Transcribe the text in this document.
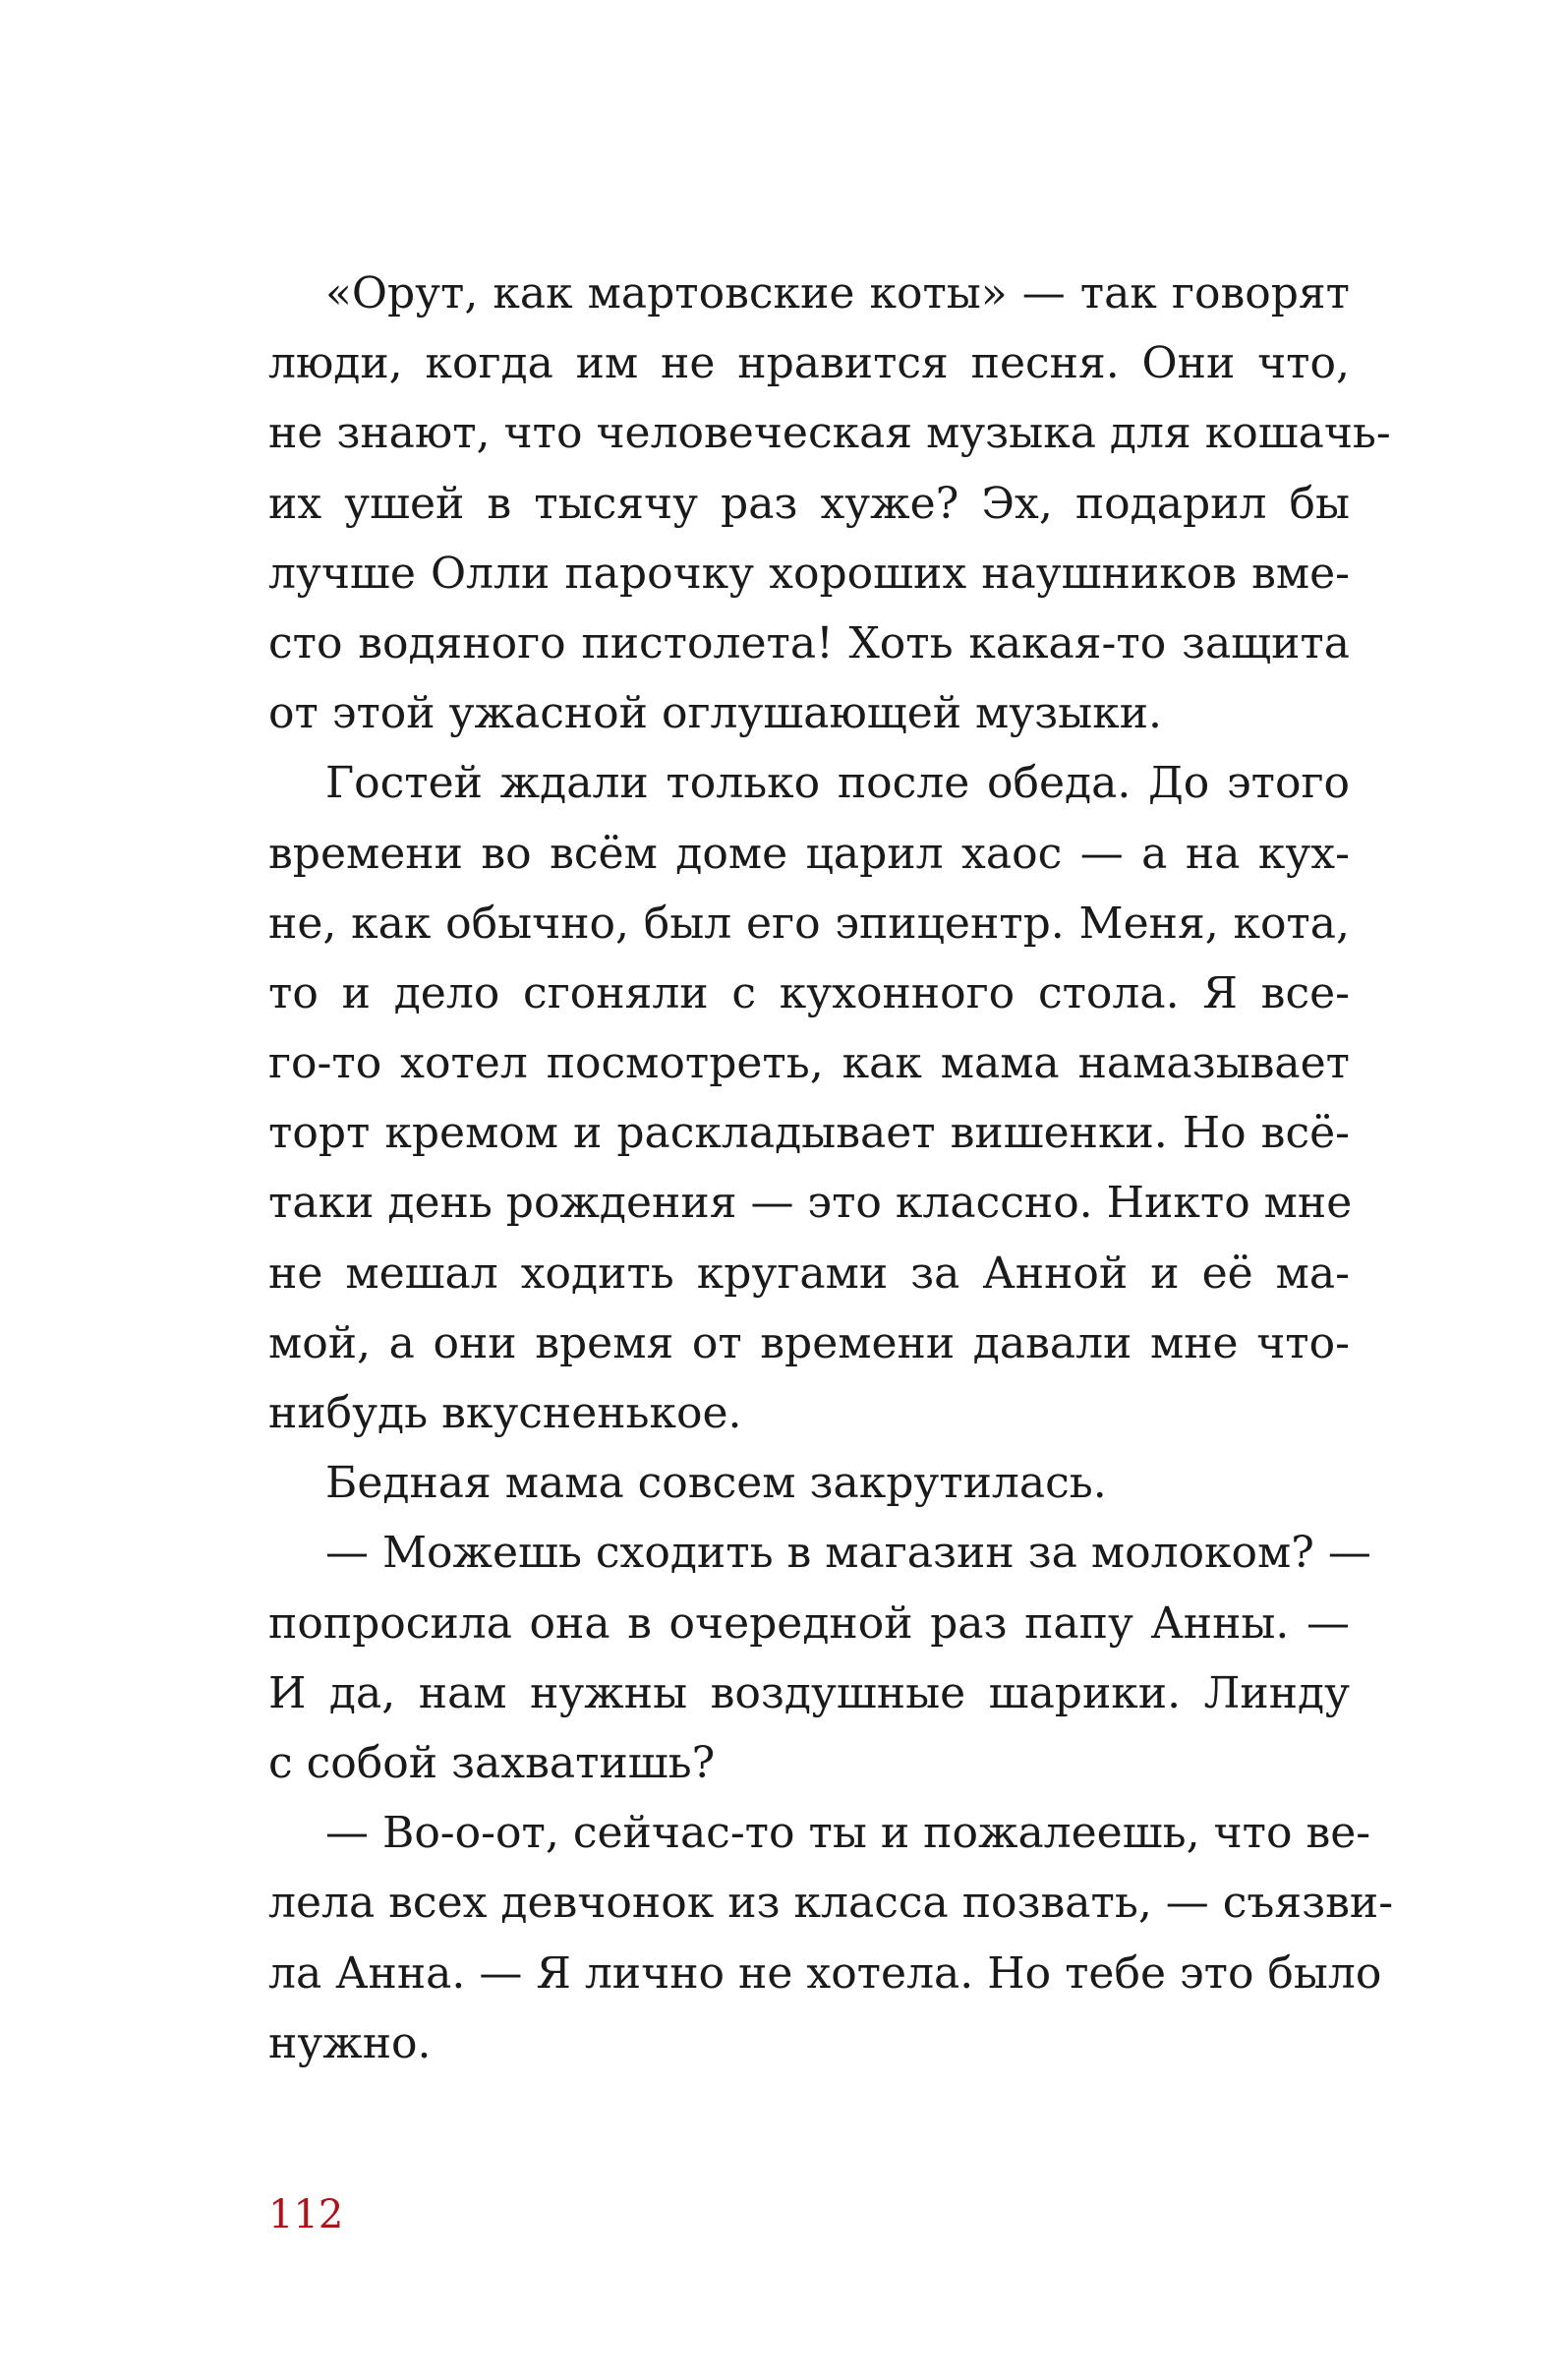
«Орут, как мартовские коты» — так говорят
люди, когда им не нравится песня. Они что,
не знают, что человеческая музыка для кошачь-
их ушей в тысячу раз хуже? Эх, подарил бы
лучше Олли парочку хороших наушников вме-
сто водяного пистолета! Хоть какая-то защита
от этой ужасной оглушающей музыки.
Гостей ждали только после обеда. До этого
времени во всём доме царил хаос — а на кух-
не, как обычно, был его эпицентр. Меня, кота,
то и дело сгоняли с кухонного стола. Я все-
го-то хотел посмотреть, как мама намазывает
торт кремом и раскладывает вишенки. Но всё-
таки день рождения — это классно. Никто мне
не мешал ходить кругами за Анной и её ма-
мой, а они время от времени давали мне что-
нибудь вкусненькое.
Бедная мама совсем закрутилась.
— Можешь сходить в магазин за молоком? —
попросила она в очередной раз папу Анны. —
И да, нам нужны воздушные шарики. Линду
с собой захватишь?
— Во-о-от, сейчас-то ты и пожалеешь, что ве-
лела всех девчонок из класса позвать, — съязви-
ла Анна. — Я лично не хотела. Но тебе это было
нужно.
112
